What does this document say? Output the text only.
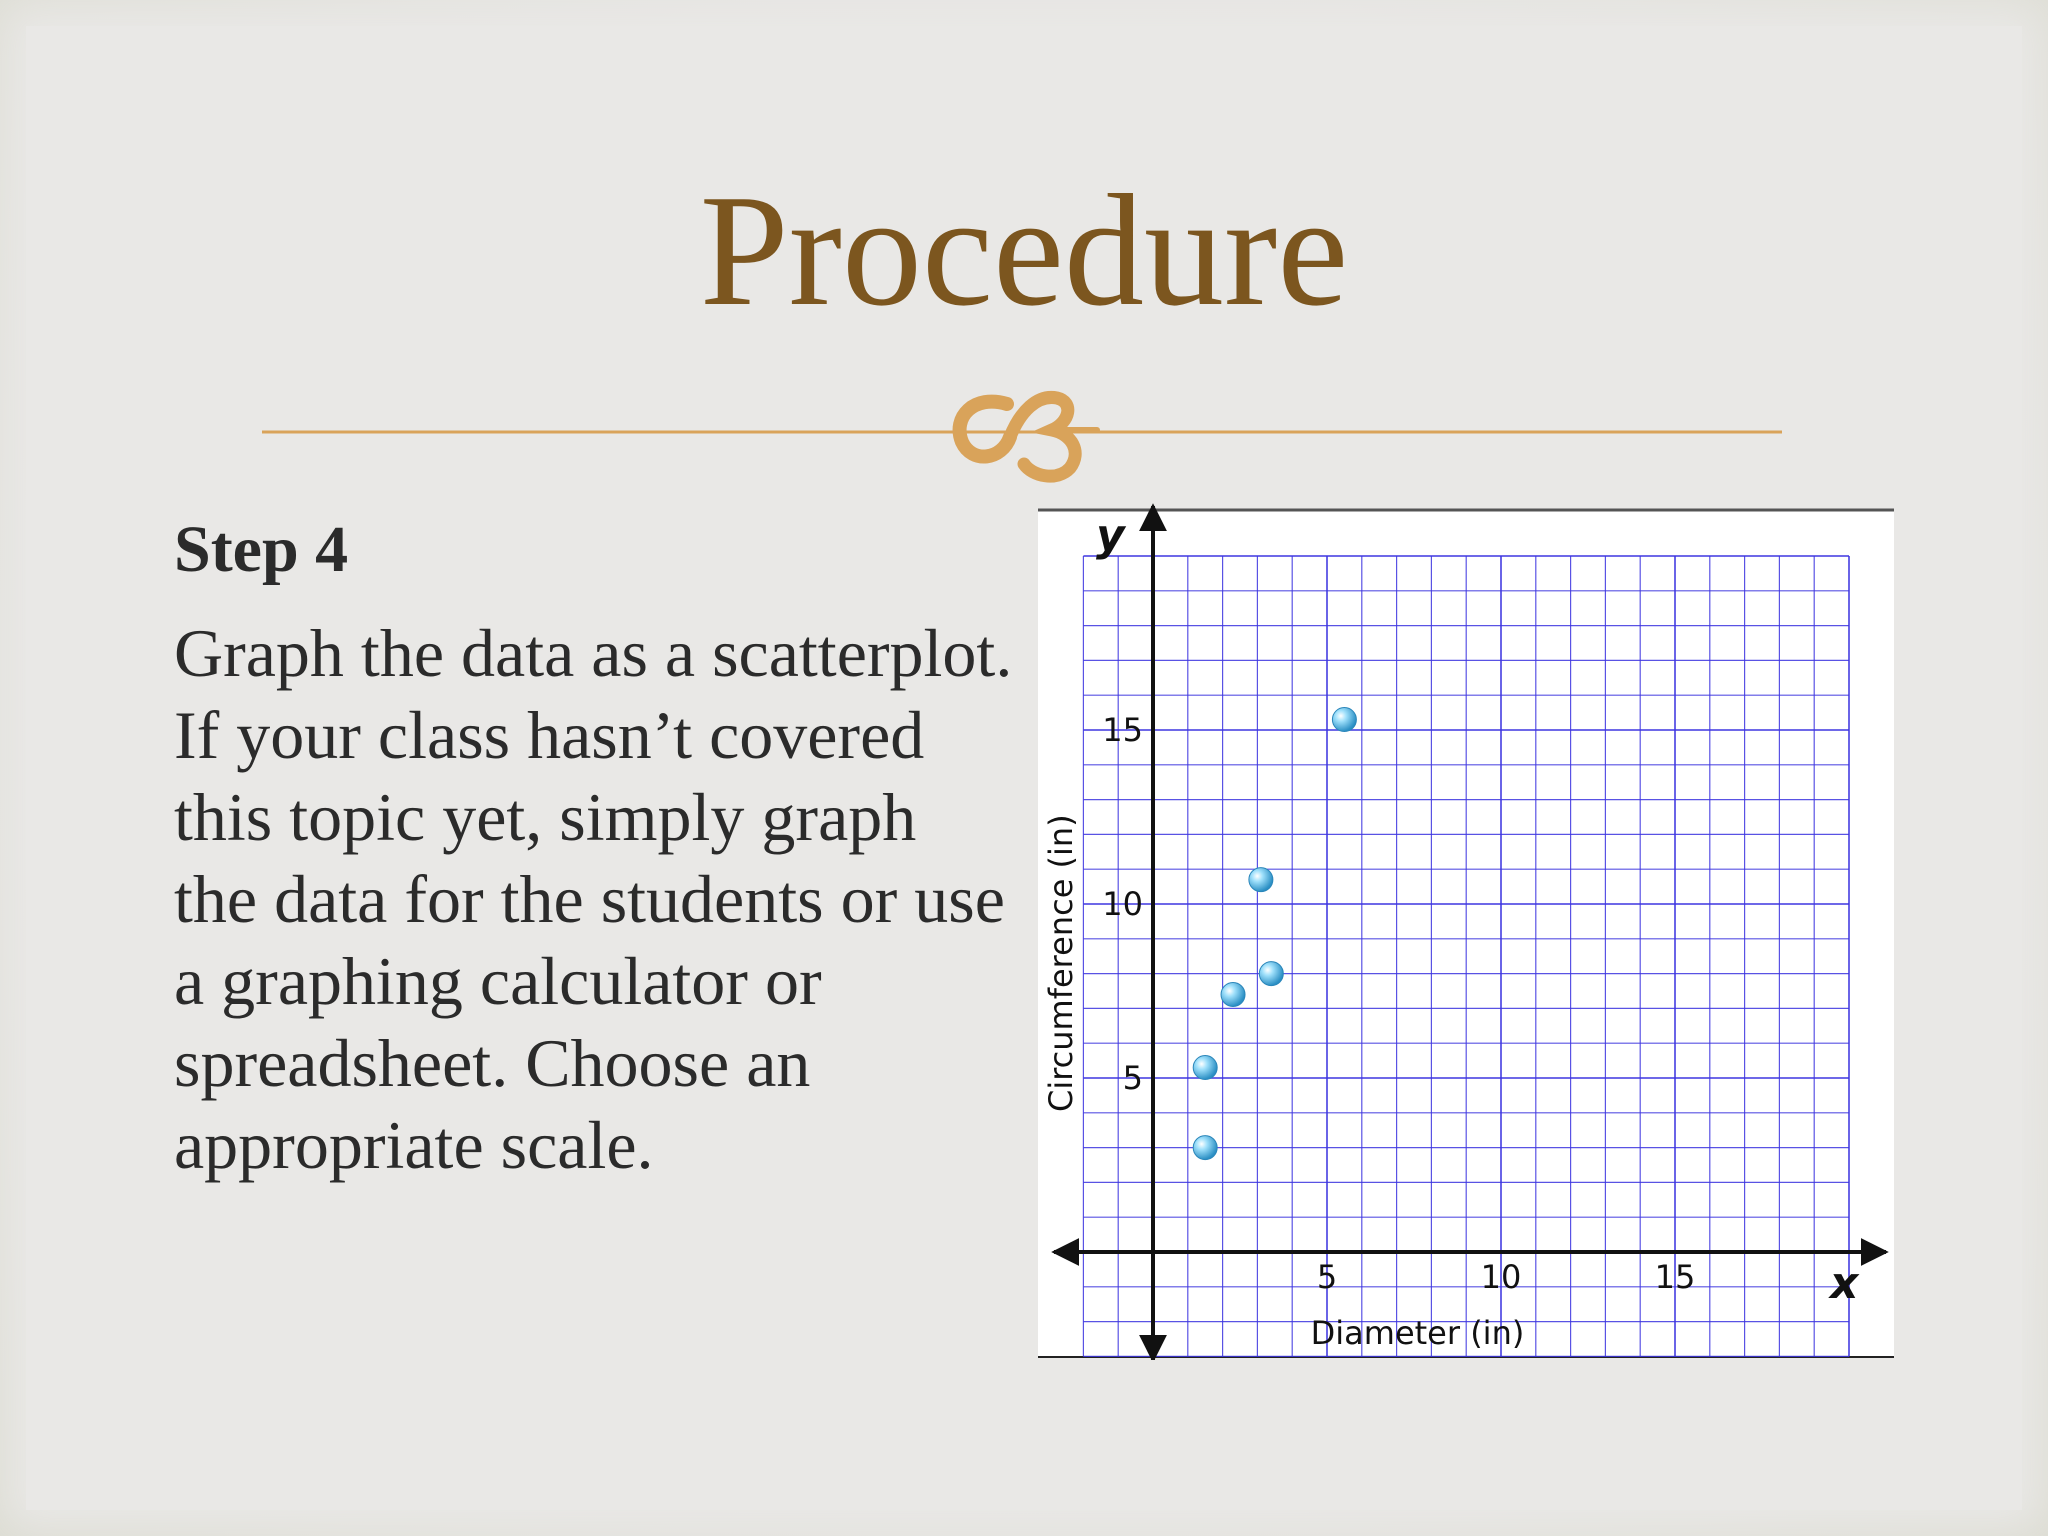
Procedure
Step 4
Graph the data as a scatterplot. If your class hasn’t covered this topic yet, simply graph the data for the students or use a graphing calculator or spreadsheet. Choose an appropriate scale.
5	10	15
5
10
15
Diameter (in)
Circumference (in)
x
y
